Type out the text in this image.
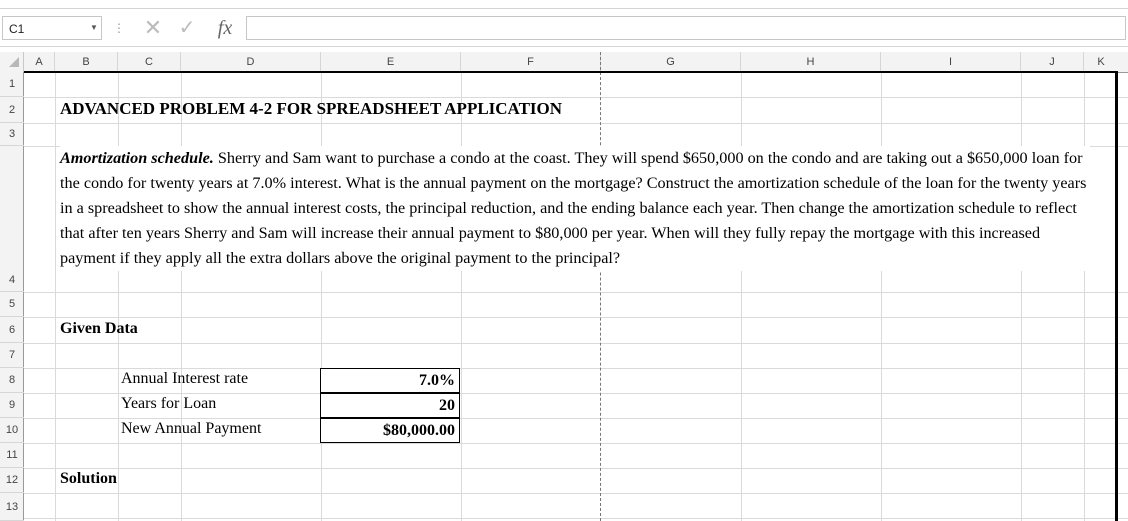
C1	▼ ⋮ ✕ ✓	fx
A	B	C	D	E	F	G	H	I	J	K
1
2
3
4
5
6
7
8
9
10
11
12
13
ADVANCED PROBLEM 4-2 FOR SPREADSHEET APPLICATION
Amortization schedule. Sherry and Sam want to purchase a condo at the coast. They will spend $650,000 on the condo and are taking out a $650,000 loan for the condo for twenty years at 7.0% interest. What is the annual payment on the mortgage? Construct the amortization schedule of the loan for the twenty years in a spreadsheet to show the annual interest costs, the principal reduction, and the ending balance each year. Then change the amortization schedule to reflect that after ten years Sherry and Sam will increase their annual payment to $80,000 per year. When will they fully repay the mortgage with this increased payment if they apply all the extra dollars above the original payment to the principal?
Given Data
Annual Interest rate	7.0%
Years for Loan	20
New Annual Payment	$80,000.00
Solution
